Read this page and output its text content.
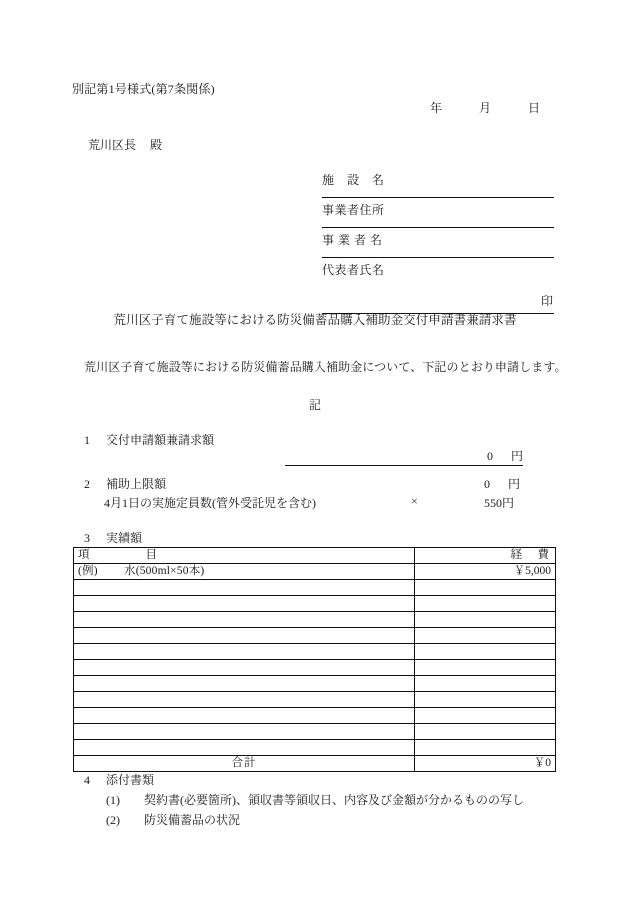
別記第1号様式(第7条関係)
年	月	日
荒川区長 殿
施　設　名
事業者住所
事 業 者 名
代表者氏名
印
荒川区子育て施設等における防災備蓄品購入補助金交付申請書兼請求書
荒川区子育て施設等における防災備蓄品購入補助金について、下記のとおり申請します。
記
1 交付申請額兼請求額
0 円
2 補助上限額	0 円
4月1日の実施定員数(管外受託児を含む)	×	550円
3 実績額
項　　　　目	経　費
(例) 水(500ml×50本)	￥5,000

合計	￥0
4 添付書類
(1) 契約書(必要箇所)、領収書等領収日、内容及び金額が分かるものの写し
(2) 防災備蓄品の状況
